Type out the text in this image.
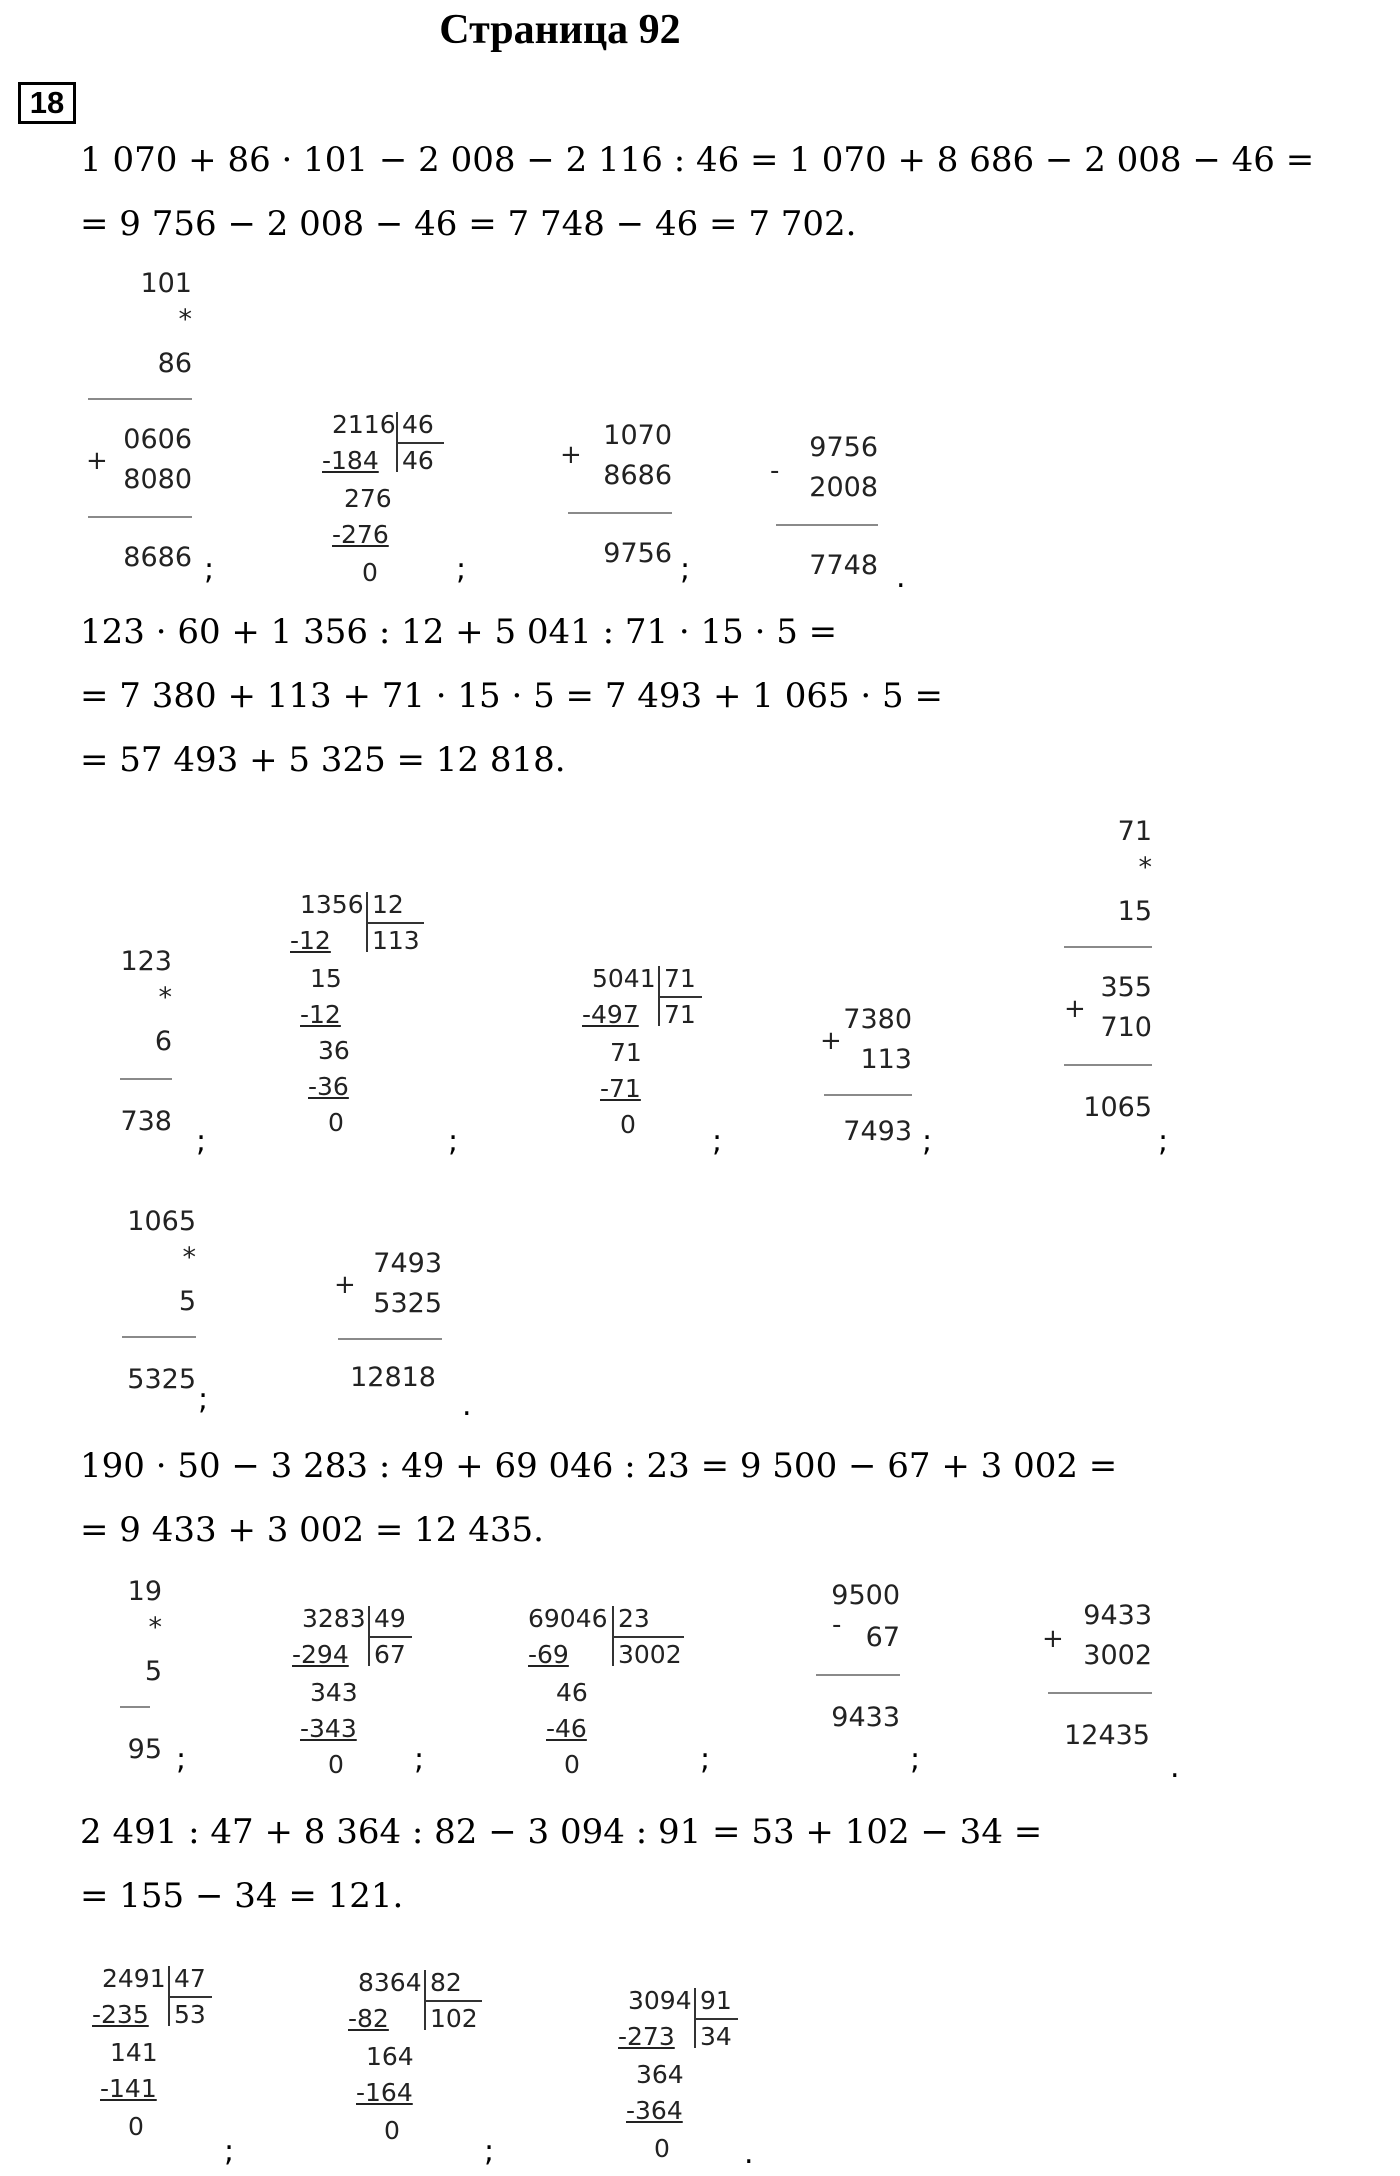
Страница 92
18

1 070 + 86 · 101 − 2 008 − 2 116 : 46 = 1 070 + 8 686 − 2 008 − 46 =

= 9 756 − 2 008 − 46 = 7 748 − 46 = 7 702.

123 · 60 + 1 356 : 12 + 5 041 : 71 · 15 · 5 =

= 7 380 + 113 + 71 · 15 · 5 = 7 493 + 1 065 · 5 =

= 57 493 + 5 325 = 12 818.

190 · 50 − 3 283 : 49 + 69 046 : 23 = 9 500 − 67 + 3 002 =

= 9 433 + 3 002 = 12 435.

2 491 : 47 + 8 364 : 82 − 3 094 : 91 = 53 + 102 − 34 =

= 155 − 34 = 121.

101
*
86
+
0606
8080
8686 ;
2116 46
-184 46
276
-276
0	;
+
1070
8686
9756 ;
-
9756
2008
7748 .
123
*
6
738
;
1356 12
-12 113
15
-12
36
-36
0
;
5041 71
-497 71
71
-71
0	;
+
7380
113
7493 ;
71
*
15
+
355
710
1065
;
1065
*
5
5325
;
+
7493
5325
12818
.
19
*
5
95 ;
3283 49
-294 67
343
-343
0 ;
69046 23
-69 3002
46
-46
0	;
9500
- 67
9433
;
+
9433
3002
12435
.
2491 47
-235 53
141
-141
0
;
8364 82
-82 102
164
-164
0
;
3094 91
-273 34
364
-364
0 .
